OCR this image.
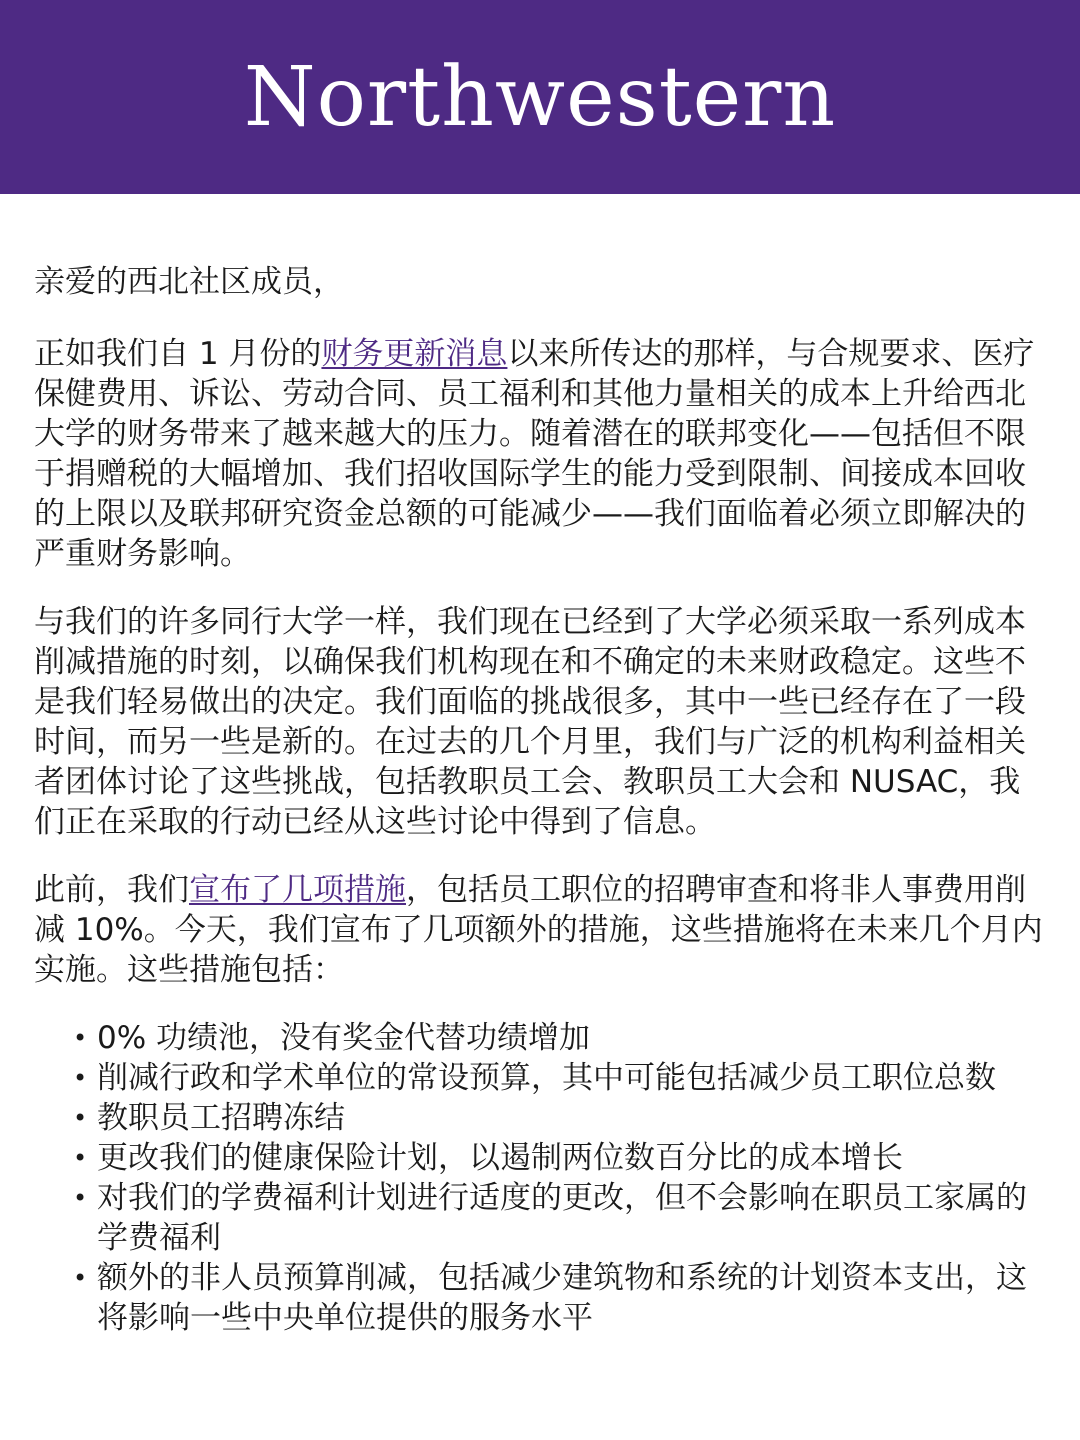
Northwestern

亲爱的西北社区成员，

正如我们自 1 月份的财务更新消息以来所传达的那样，与合规要求、医疗保健费用、诉讼、劳动合同、员工福利和其他力量相关的成本上升给西北大学的财务带来了越来越大的压力。随着潜在的联邦变化——包括但不限于捐赠税的大幅增加、我们招收国际学生的能力受到限制、间接成本回收的上限以及联邦研究资金总额的可能减少——我们面临着必须立即解决的严重财务影响。

与我们的许多同行大学一样，我们现在已经到了大学必须采取一系列成本削减措施的时刻，以确保我们机构现在和不确定的未来财政稳定。这些不是我们轻易做出的决定。我们面临的挑战很多，其中一些已经存在了一段时间，而另一些是新的。在过去的几个月里，我们与广泛的机构利益相关者团体讨论了这些挑战，包括教职员工会、教职员工大会和 NUSAC，我们正在采取的行动已经从这些讨论中得到了信息。

此前，我们宣布了几项措施，包括员工职位的招聘审查和将非人事费用削减 10%。今天，我们宣布了几项额外的措施，这些措施将在未来几个月内实施。这些措施包括：

• 0% 功绩池，没有奖金代替功绩增加
• 削减行政和学术单位的常设预算，其中可能包括减少员工职位总数
• 教职员工招聘冻结
• 更改我们的健康保险计划，以遏制两位数百分比的成本增长
• 对我们的学费福利计划进行适度的更改，但不会影响在职员工家属的学费福利
• 额外的非人员预算削减，包括减少建筑物和系统的计划资本支出，这将影响一些中央单位提供的服务水平
